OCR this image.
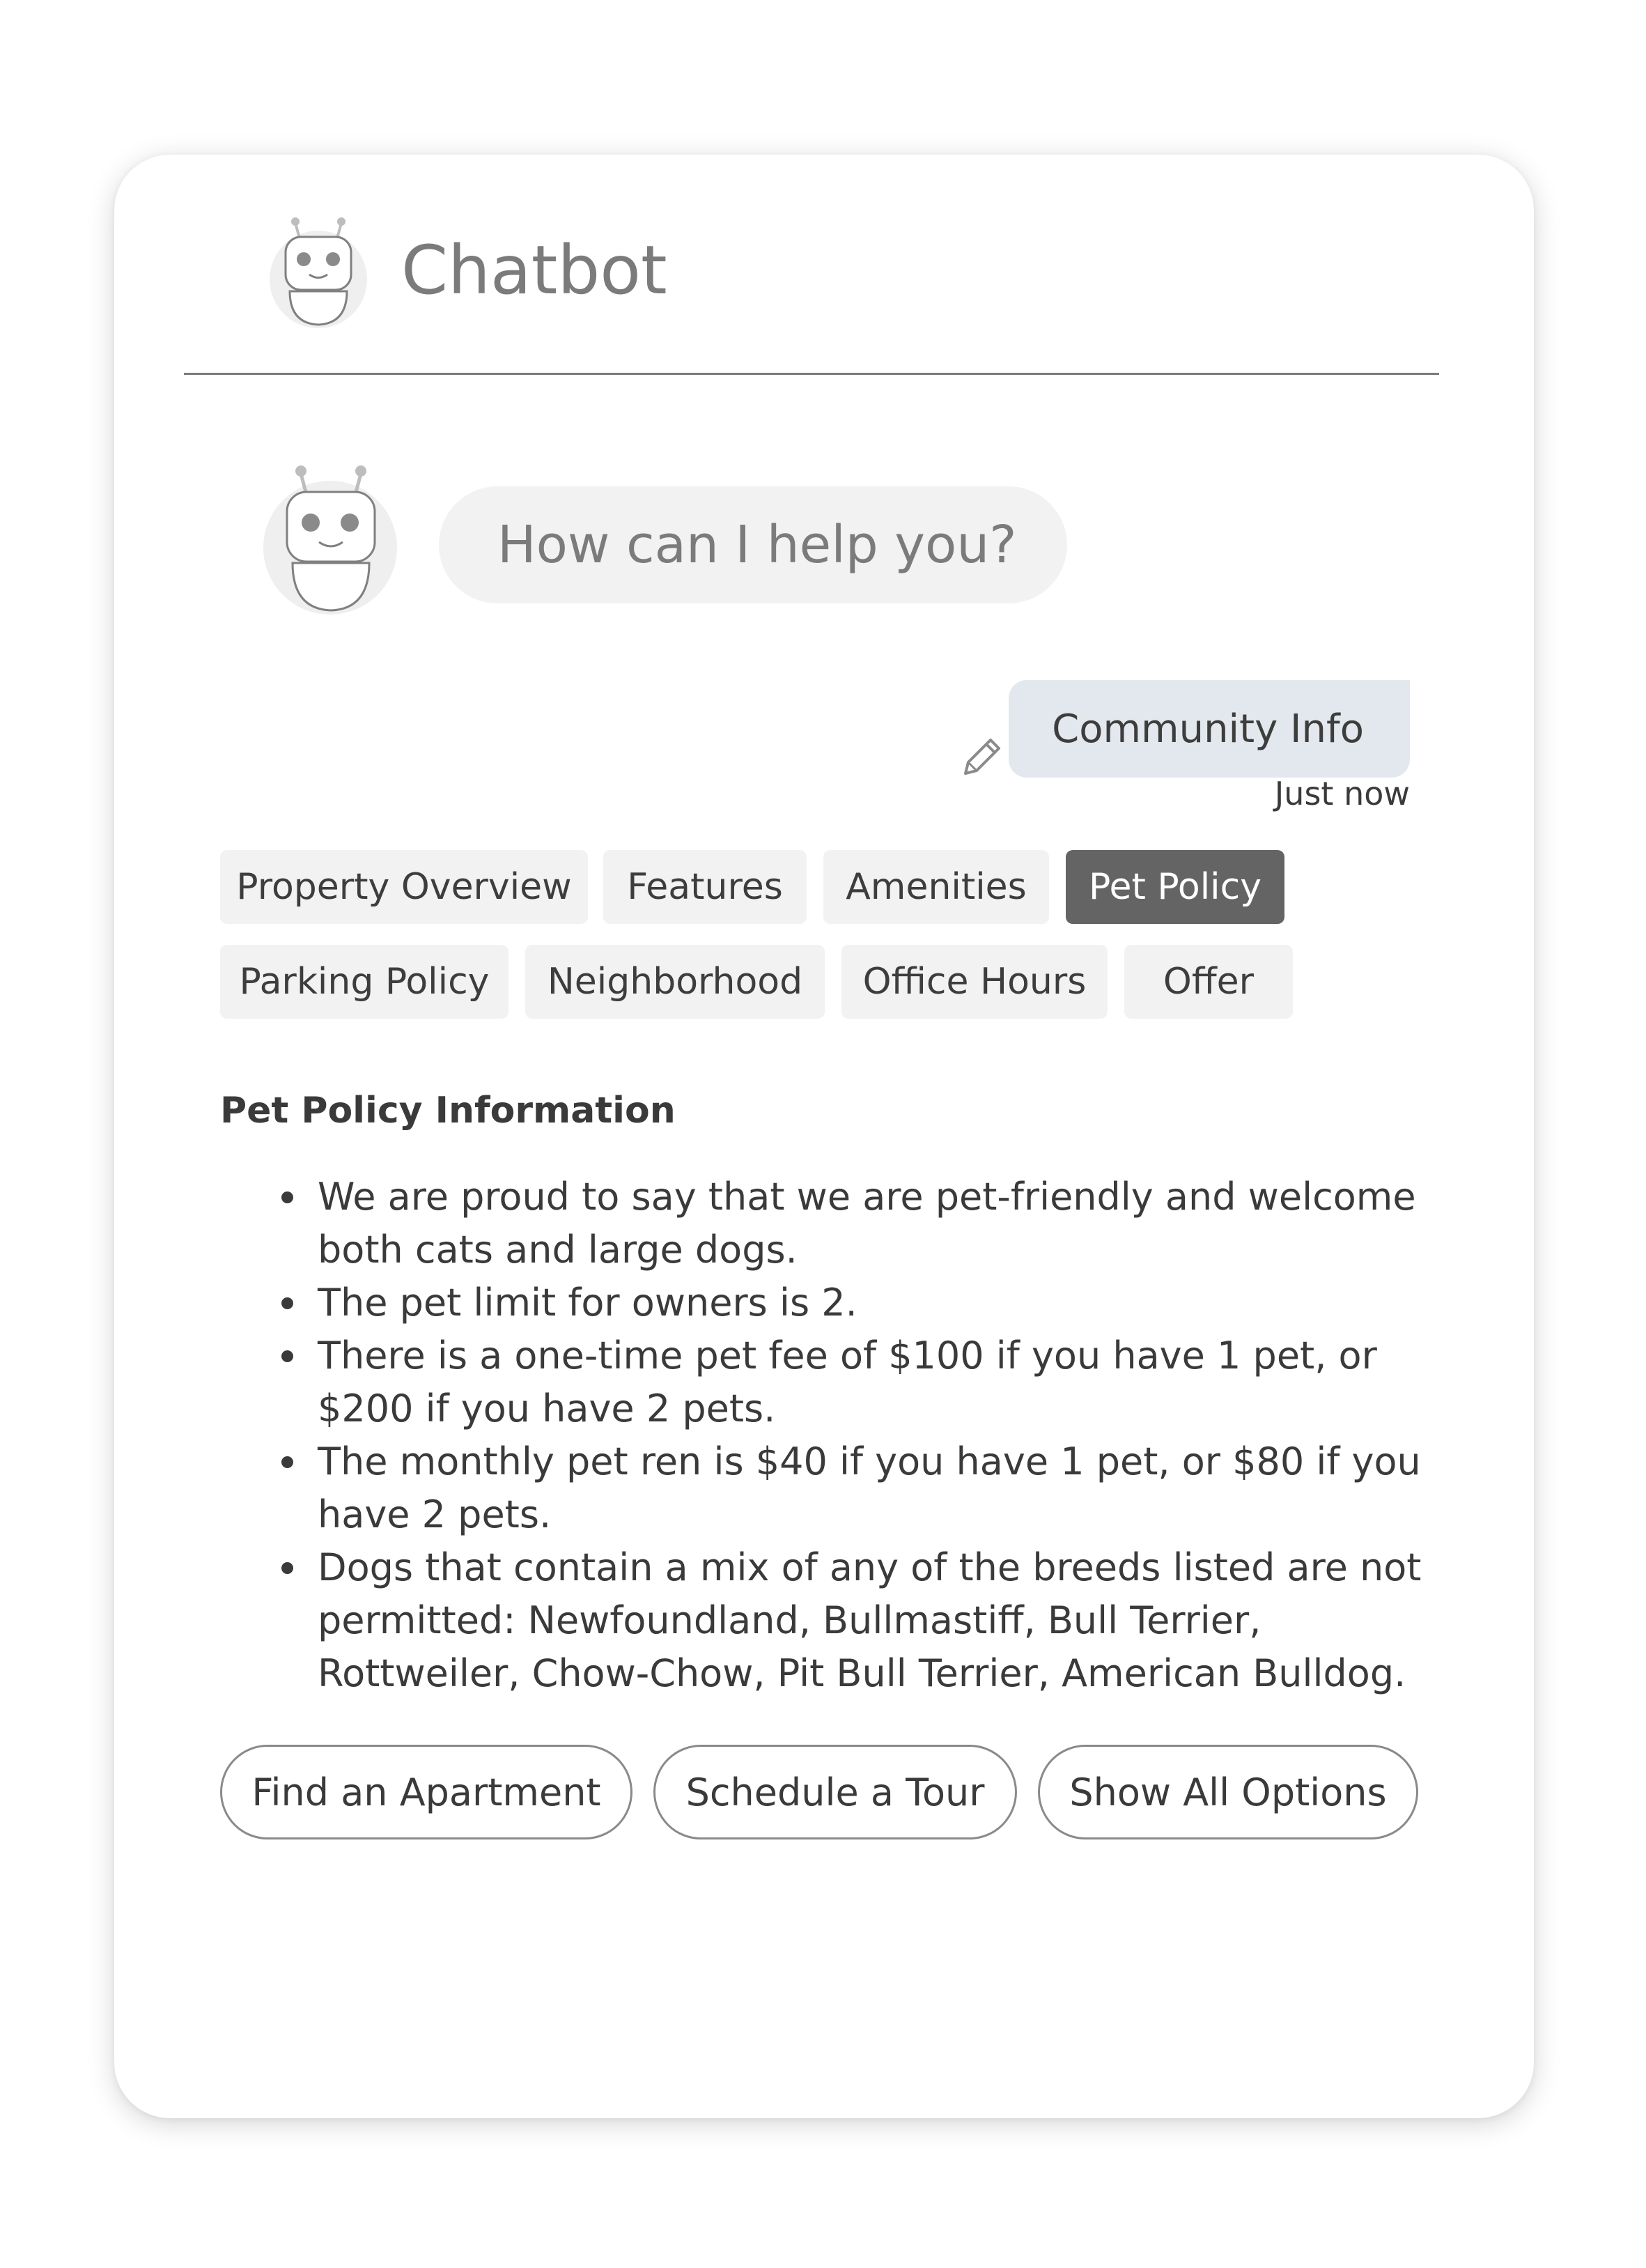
Chatbot
How can I help you?
Community Info
Just now
Property Overview	Features	Amenities	Pet Policy
Parking Policy	Neighborhood	Office Hours	Offer
Pet Policy Information
We are proud to say that we are pet-friendly and welcome both cats and large dogs.
The pet limit for owners is 2.
There is a one-time pet fee of $100 if you have 1 pet, or $200 if you have 2 pets.
The monthly pet ren is $40 if you have 1 pet, or $80 if you have 2 pets.
Dogs that contain a mix of any of the breeds listed are not permitted: Newfoundland, Bullmastiff, Bull Terrier, Rottweiler, Chow-Chow, Pit Bull Terrier, American Bulldog.
Find an Apartment	Schedule a Tour	Show All Options
